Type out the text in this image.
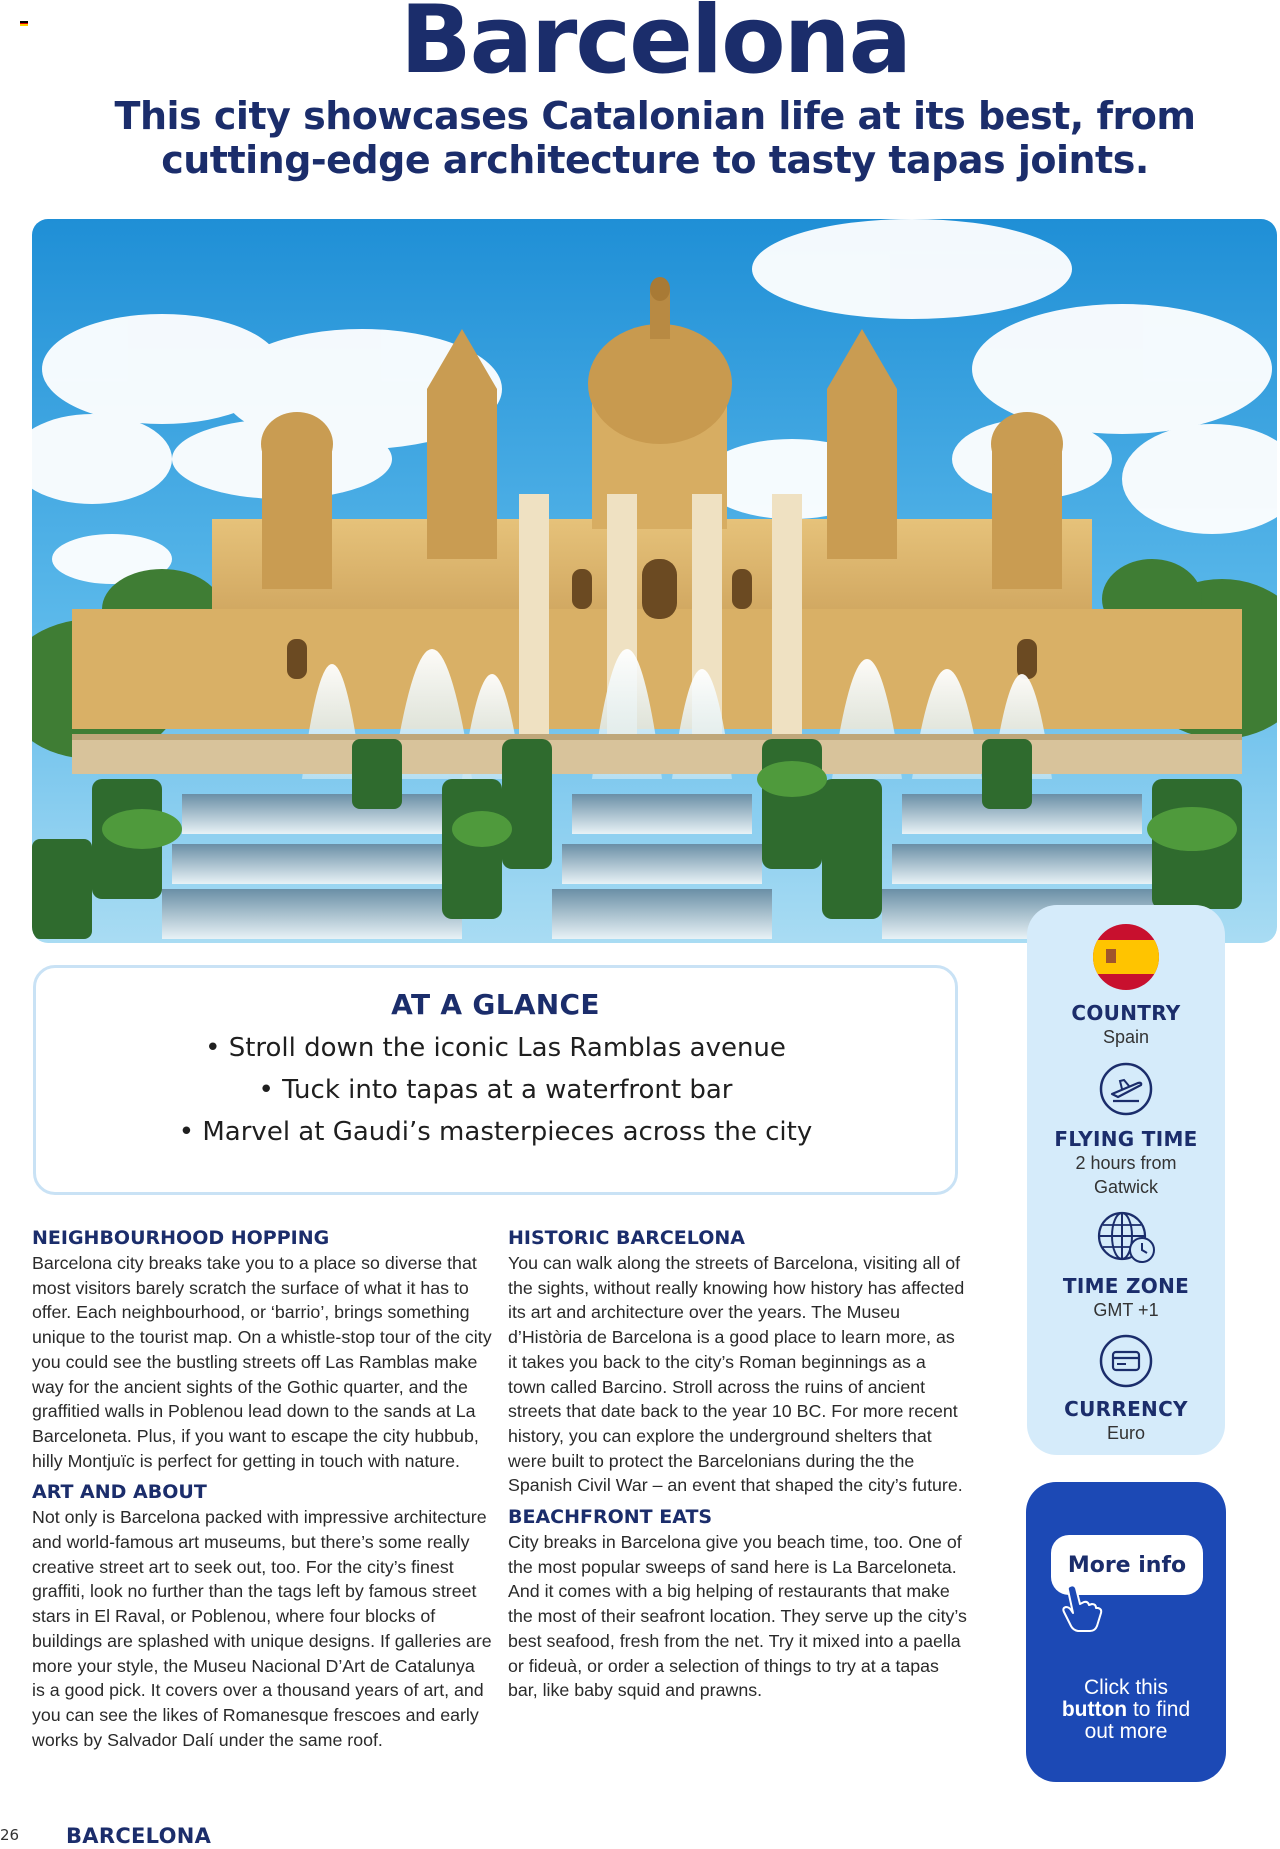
Barcelona
This city showcases Catalonian life at its best, from
cutting-edge architecture to tasty tapas joints.
AT A GLANCE
• Stroll down the iconic Las Ramblas avenue
• Tuck into tapas at a waterfront bar
• Marvel at Gaudi’s masterpieces across the city
NEIGHBOURHOOD HOPPING

Barcelona city breaks take you to a place so diverse that most visitors barely scratch the surface of what it has to offer. Each neighbourhood, or ‘barrio’, brings something unique to the tourist map. On a whistle-stop tour of the city you could see the bustling streets off Las Ramblas make way for the ancient sights of the Gothic quarter, and the graffitied walls in Poblenou lead down to the sands at La Barceloneta. Plus, if you want to escape the city hubbub, hilly Montjuïc is perfect for getting in touch with nature.

ART AND ABOUT

Not only is Barcelona packed with impressive architecture and world-famous art museums, but there’s some really creative street art to seek out, too. For the city’s finest graffiti, look no further than the tags left by famous street stars in El Raval, or Poblenou, where four blocks of buildings are splashed with unique designs. If galleries are more your style, the Museu Nacional D’Art de Catalunya is a good pick. It covers over a thousand years of art, and you can see the likes of Romanesque frescoes and early works by Salvador Dalí under the same roof.

HISTORIC BARCELONA

You can walk along the streets of Barcelona, visiting all of the sights, without really knowing how history has affected its art and architecture over the years. The Museu d’Història de Barcelona is a good place to learn more, as it takes you back to the city’s Roman beginnings as a town called Barcino. Stroll across the ruins of ancient streets that date back to the year 10 BC. For more recent history, you can explore the underground shelters that were built to protect the Barcelonians during the the Spanish Civil War – an event that shaped the city’s future.

BEACHFRONT EATS

City breaks in Barcelona give you beach time, too. One of the most popular sweeps of sand here is La Barceloneta. And it comes with a big helping of restaurants that make the most of their seafront location. They serve up the city’s best seafood, fresh from the net. Try it mixed into a paella or fideuà, or order a selection of things to try at a tapas bar, like baby squid and prawns.

COUNTRY
Spain
FLYING TIME
2 hours from
Gatwick
TIME ZONE
GMT +1
CURRENCY
Euro
More info
Click this
button to find
out more
26 BARCELONA
